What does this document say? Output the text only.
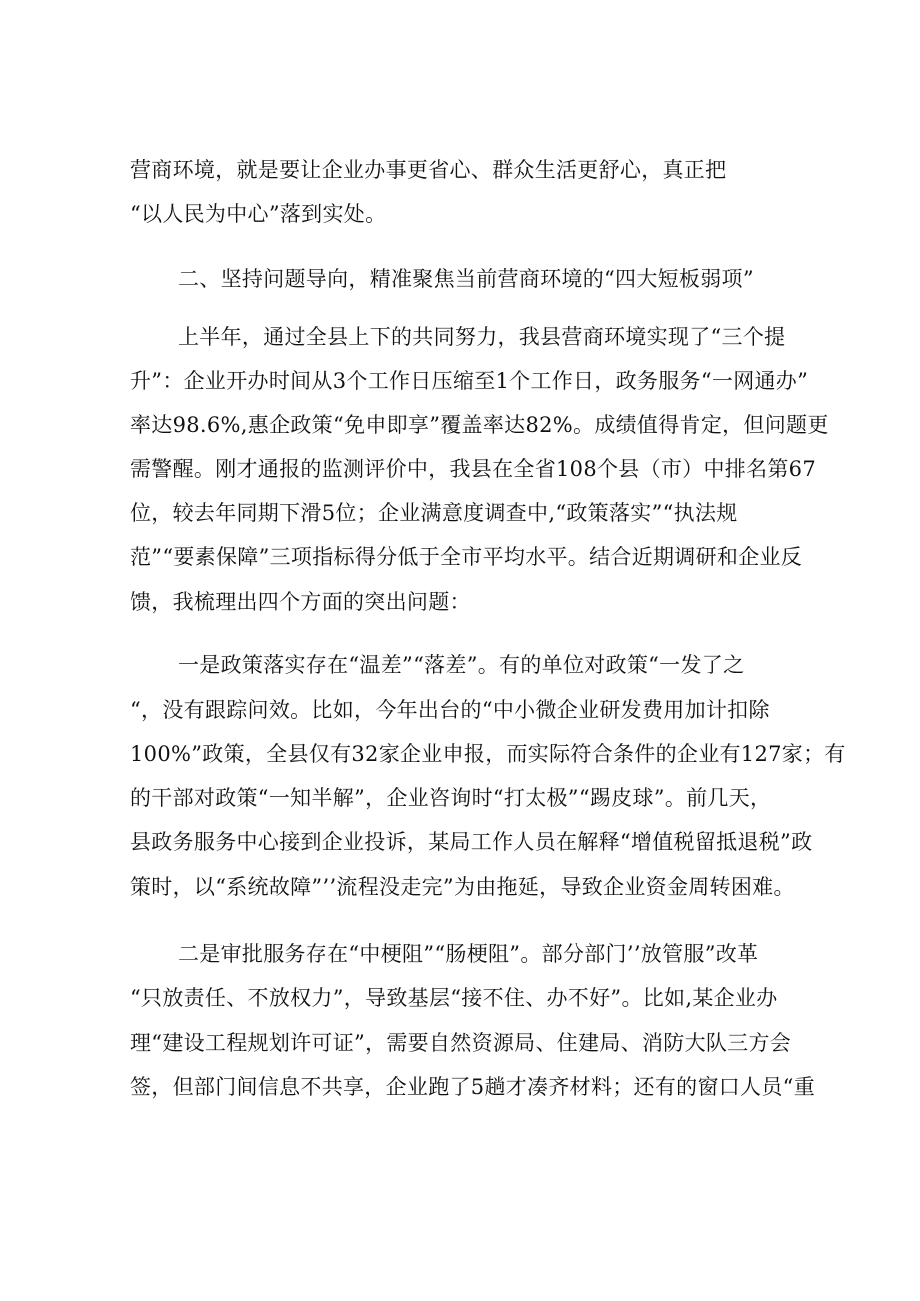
营商环境，就是要让企业办事更省心、群众生活更舒心，真正把

“以人民为中心”落到实处。

二、坚持问题导向，精准聚焦当前营商环境的“四大短板弱项”

上半年，通过全县上下的共同努力，我县营商环境实现了“三个提

升”：企业开办时间从3个工作日压缩至1个工作日，政务服务“一网通办”

率达98.6%,惠企政策“免申即享”覆盖率达82%。成绩值得肯定，但问题更

需警醒。刚才通报的监测评价中，我县在全省108个县（市）中排名第67

位，较去年同期下滑5位；企业满意度调查中,“政策落实”“执法规

范”“要素保障”三项指标得分低于全市平均水平。结合近期调研和企业反

馈，我梳理出四个方面的突出问题：

一是政策落实存在“温差”“落差”。有的单位对政策“一发了之

“，没有跟踪问效。比如，今年出台的“中小微企业研发费用加计扣除

100%”政策，全县仅有32家企业申报，而实际符合条件的企业有127家；有

的干部对政策“一知半解”，企业咨询时“打太极”“踢皮球”。前几天，

县政务服务中心接到企业投诉，某局工作人员在解释“增值税留抵退税”政

策时，以“系统故障”’’流程没走完”为由拖延，导致企业资金周转困难。

二是审批服务存在“中梗阻”“肠梗阻”。部分部门’’放管服”改革

“只放责任、不放权力”，导致基层“接不住、办不好”。比如,某企业办

理“建设工程规划许可证”，需要自然资源局、住建局、消防大队三方会

签，但部门间信息不共享，企业跑了5趟才凑齐材料；还有的窗口人员“重
